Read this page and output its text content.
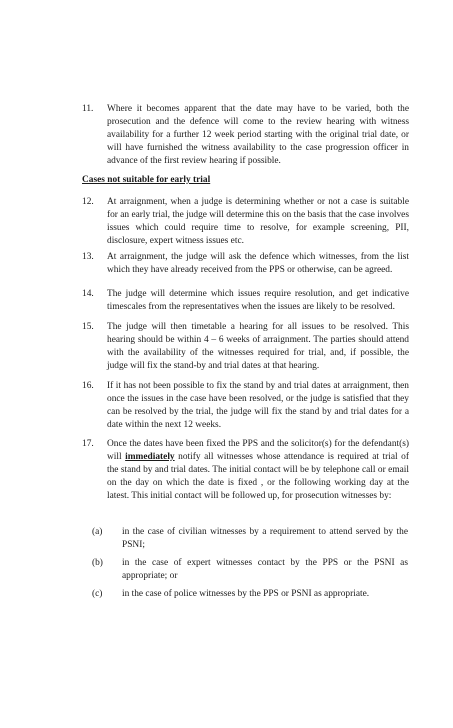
11. Where it becomes apparent that the date may have to be varied, both the prosecution and the defence will come to the review hearing with witness availability for a further 12 week period starting with the original trial date, or will have furnished the witness availability to the case progression officer in advance of the first review hearing if possible.
Cases not suitable for early trial
12. At arraignment, when a judge is determining whether or not a case is suitable for an early trial, the judge will determine this on the basis that the case involves issues which could require time to resolve, for example screening, PII, disclosure, expert witness issues etc.
13. At arraignment, the judge will ask the defence which witnesses, from the list which they have already received from the PPS or otherwise, can be agreed.
14. The judge will determine which issues require resolution, and get indicative timescales from the representatives when the issues are likely to be resolved.
15. The judge will then timetable a hearing for all issues to be resolved. This hearing should be within 4 – 6 weeks of arraignment. The parties should attend with the availability of the witnesses required for trial, and, if possible, the judge will fix the stand-by and trial dates at that hearing.
16. If it has not been possible to fix the stand by and trial dates at arraignment, then once the issues in the case have been resolved, or the judge is satisfied that they can be resolved by the trial, the judge will fix the stand by and trial dates for a date within the next 12 weeks.
17. Once the dates have been fixed the PPS and the solicitor(s) for the defendant(s) will immediately notify all witnesses whose attendance is required at trial of the stand by and trial dates. The initial contact will be by telephone call or email on the day on which the date is fixed , or the following working day at the latest. This initial contact will be followed up, for prosecution witnesses by:
(a) in the case of civilian witnesses by a requirement to attend served by the PSNI;
(b) in the case of expert witnesses contact by the PPS or the PSNI as appropriate; or
(c) in the case of police witnesses by the PPS or PSNI as appropriate.
